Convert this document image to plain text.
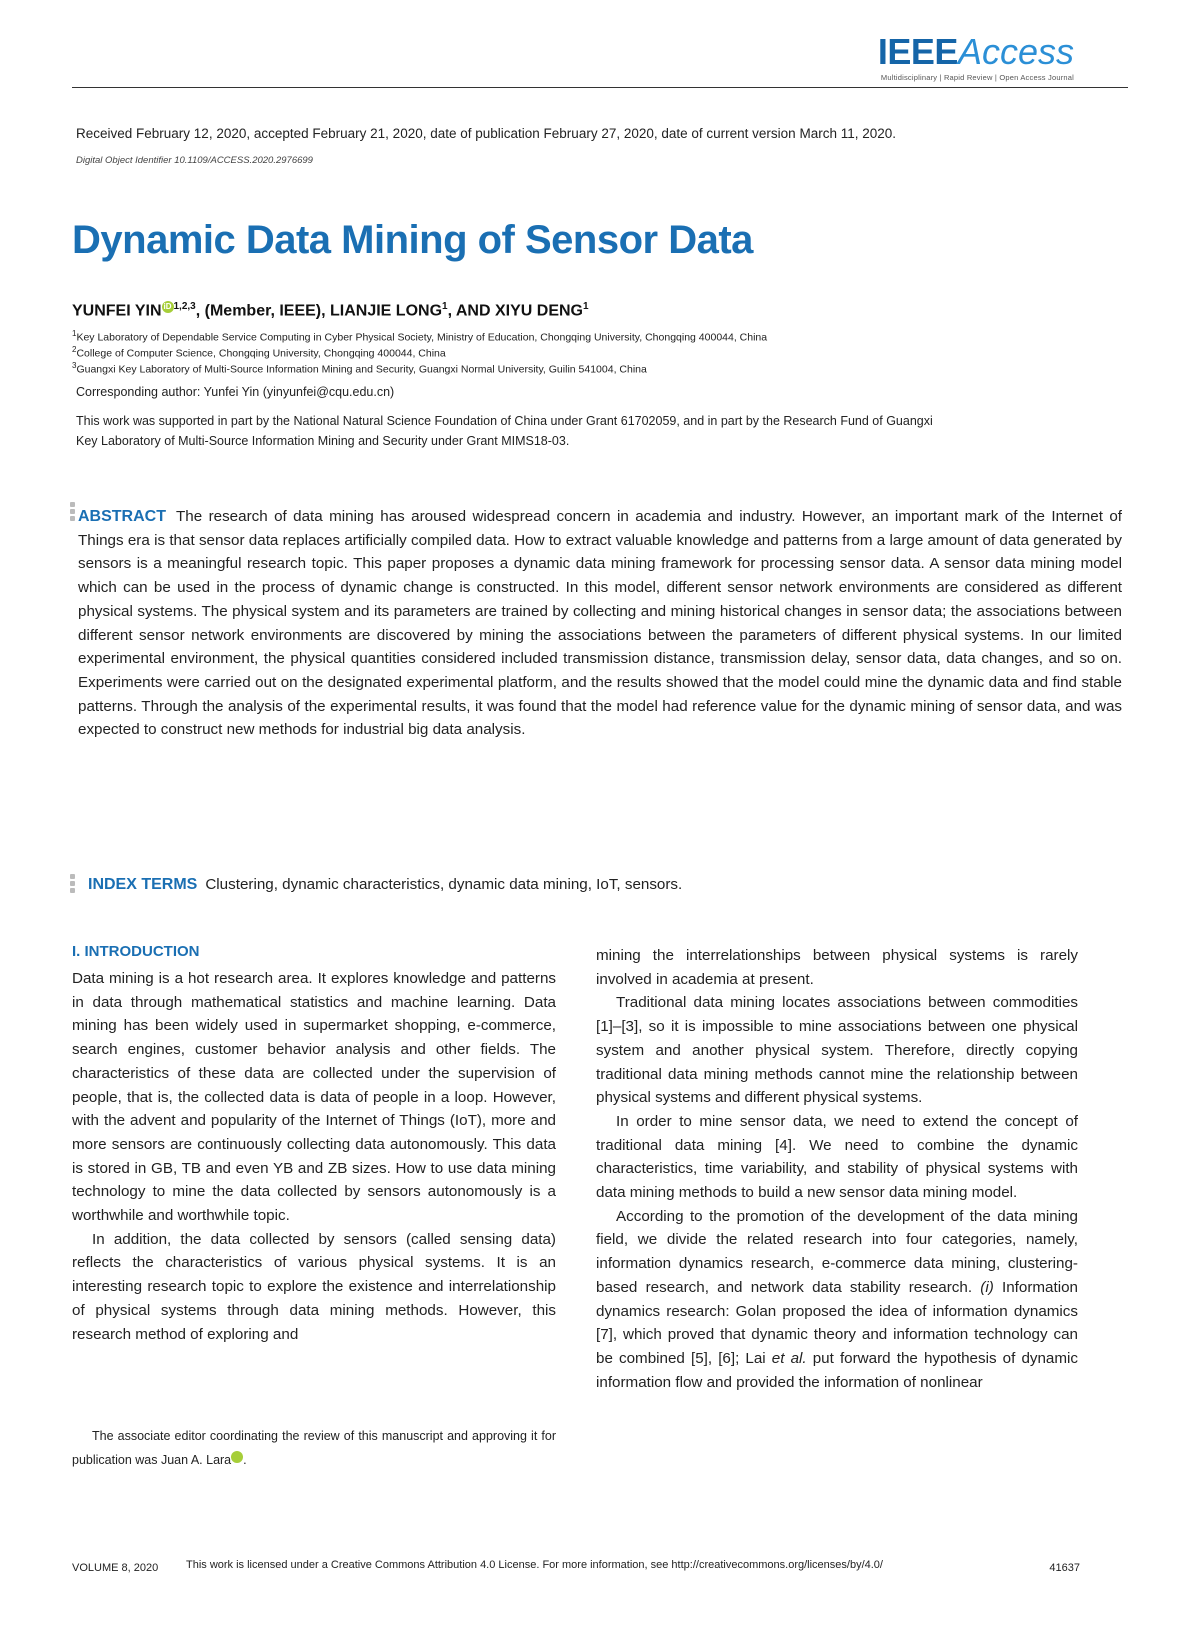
IEEEAccess
Multidisciplinary | Rapid Review | Open Access Journal
Received February 12, 2020, accepted February 21, 2020, date of publication February 27, 2020, date of current version March 11, 2020.
Digital Object Identifier 10.1109/ACCESS.2020.2976699
Dynamic Data Mining of Sensor Data
YUNFEI YIN iD $^{1,2,3}$, (Member, IEEE), LIANJIE LONG$^1$, AND XIYU DENG$^1$
$^1$Key Laboratory of Dependable Service Computing in Cyber Physical Society, Ministry of Education, Chongqing University, Chongqing 400044, China
$^2$College of Computer Science, Chongqing University, Chongqing 400044, China
$^3$Guangxi Key Laboratory of Multi-Source Information Mining and Security, Guangxi Normal University, Guilin 541004, China
Corresponding author: Yunfei Yin (yinyunfei@cqu.edu.cn)
This work was supported in part by the National Natural Science Foundation of China under Grant 61702059, and in part by the Research Fund of Guangxi Key Laboratory of Multi-Source Information Mining and Security under Grant MIMS18-03.
ABSTRACT The research of data mining has aroused widespread concern in academia and industry. However, an important mark of the Internet of Things era is that sensor data replaces artificially compiled data. How to extract valuable knowledge and patterns from a large amount of data generated by sensors is a meaningful research topic. This paper proposes a dynamic data mining framework for processing sensor data. A sensor data mining model which can be used in the process of dynamic change is constructed. In this model, different sensor network environments are considered as different physical systems. The physical system and its parameters are trained by collecting and mining historical changes in sensor data; the associations between different sensor network environments are discovered by mining the associations between the parameters of different physical systems. In our limited experimental environment, the physical quantities considered included transmission distance, transmission delay, sensor data, data changes, and so on. Experiments were carried out on the designated experimental platform, and the results showed that the model could mine the dynamic data and find stable patterns. Through the analysis of the experimental results, it was found that the model had reference value for the dynamic mining of sensor data, and was expected to construct new methods for industrial big data analysis.
INDEX TERMS Clustering, dynamic characteristics, dynamic data mining, IoT, sensors.
I. INTRODUCTION

Data mining is a hot research area. It explores knowledge and patterns in data through mathematical statistics and machine learning. Data mining has been widely used in supermarket shopping, e-commerce, search engines, customer behavior analysis and other fields. The characteristics of these data are collected under the supervision of people, that is, the collected data is data of people in a loop. However, with the advent and popularity of the Internet of Things (IoT), more and more sensors are continuously collecting data autonomously. This data is stored in GB, TB and even YB and ZB sizes. How to use data mining technology to mine the data collected by sensors autonomously is a worthwhile and worthwhile topic.

In addition, the data collected by sensors (called sensing data) reflects the characteristics of various physical systems. It is an interesting research topic to explore the existence and interrelationship of physical systems through data mining methods. However, this research method of exploring and

mining the interrelationships between physical systems is rarely involved in academia at present.

Traditional data mining locates associations between commodities [1]–[3], so it is impossible to mine associations between one physical system and another physical system. Therefore, directly copying traditional data mining methods cannot mine the relationship between physical systems and different physical systems.

In order to mine sensor data, we need to extend the concept of traditional data mining [4]. We need to combine the dynamic characteristics, time variability, and stability of physical systems with data mining methods to build a new sensor data mining model.

According to the promotion of the development of the data mining field, we divide the related research into four categories, namely, information dynamics research, e-commerce data mining, clustering-based research, and network data stability research. (i) Information dynamics research: Golan proposed the idea of information dynamics [7], which proved that dynamic theory and information technology can be combined [5], [6]; Lai et al. put forward the hypothesis of dynamic information flow and provided the information of nonlinear

The associate editor coordinating the review of this manuscript and approving it for publication was Juan A. Lara	iD.

VOLUME 8, 2020	This work is licensed under a Creative Commons Attribution 4.0 License. For more information, see http://creativecommons.org/licenses/by/4.0/	41637
